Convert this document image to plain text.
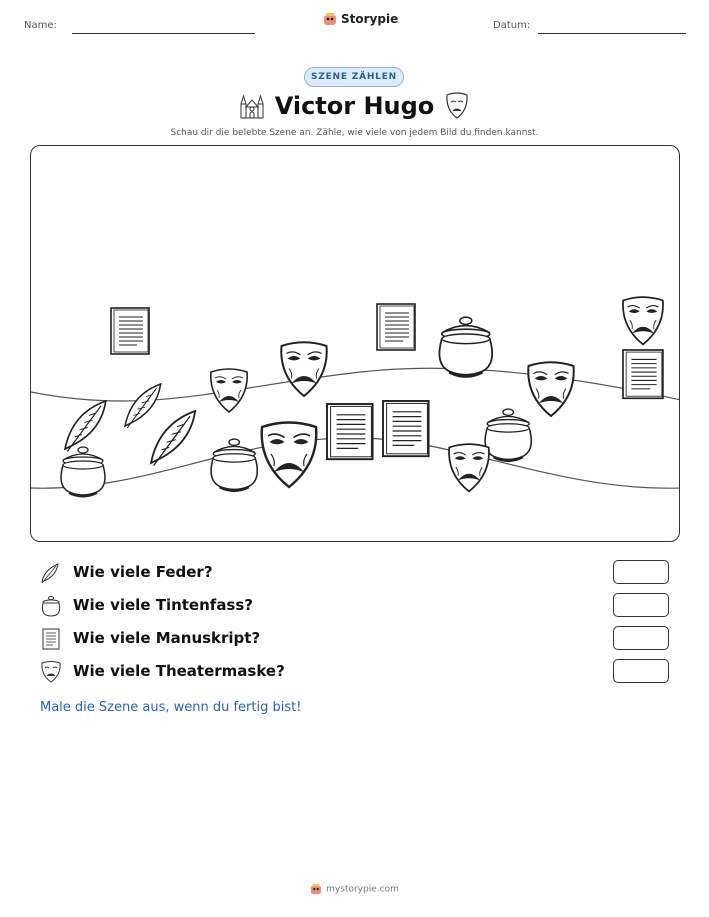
Name:	Storypie	Datum:
SZENE ZÄHLEN
Victor Hugo
Schau dir die belebte Szene an. Zähle, wie viele von jedem Bild du finden kannst.
Wie viele Feder?
Wie viele Tintenfass?
Wie viele Manuskript?
Wie viele Theatermaske?
Male die Szene aus, wenn du fertig bist!
mystorypie.com
